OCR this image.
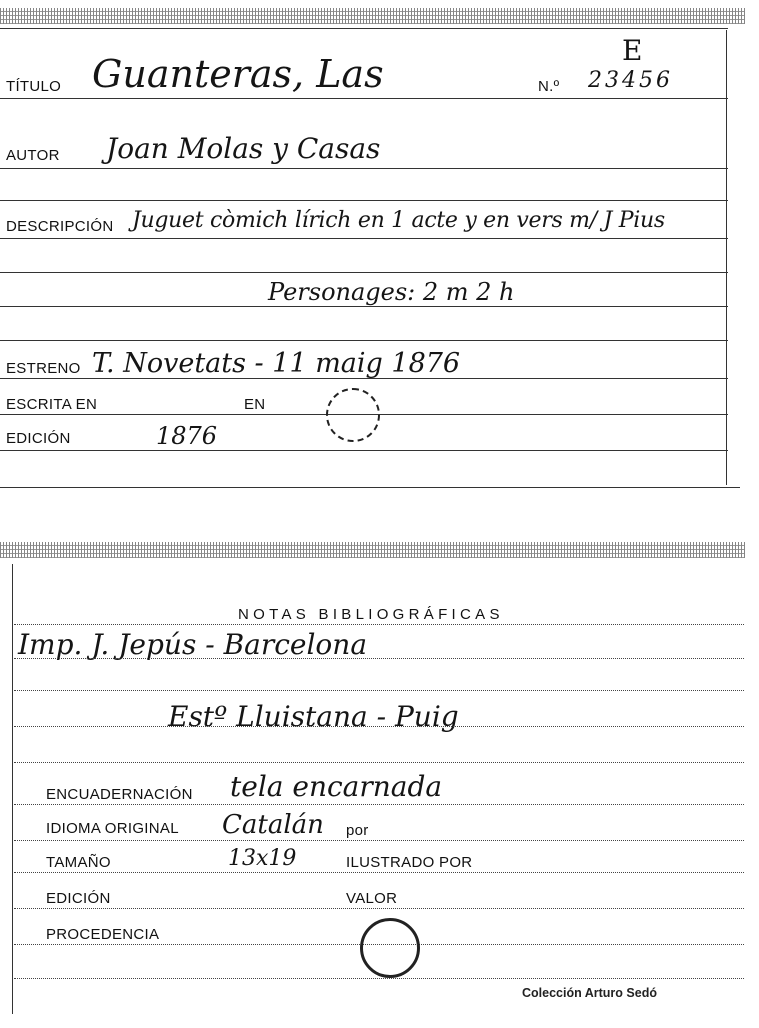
E
TÍTULO Guanteras, Las	N.º 23456
AUTOR Joan Molas y Casas
DESCRIPCIÓN Juguet còmich lírich en 1 acte y en vers m/ J Pius
Personages: 2 m 2 h
ESTRENO T. Novetats - 11 maig 1876
ESCRITA EN	EN
EDICIÓN	1876
NOTAS BIBLIOGRÁFICAS
Imp. J. Jepús - Barcelona
Estº Lluistana - Puig
ENCUADERNACIÓN tela encarnada
IDIOMA ORIGINAL Catalán por
TAMAÑO	13x19	ILUSTRADO POR
EDICIÓN	VALOR
PROCEDENCIA
Colección Arturo Sedó
